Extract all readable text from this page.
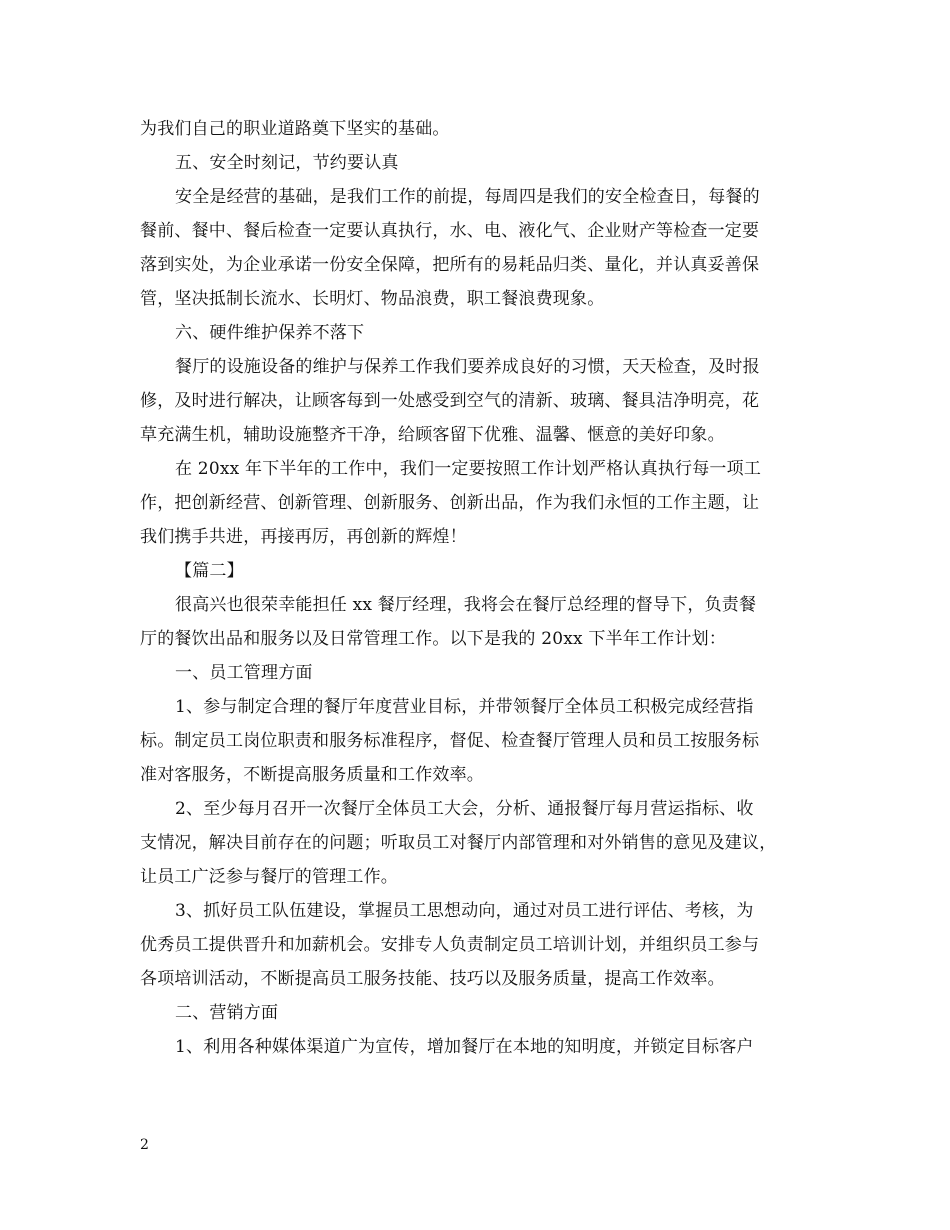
为我们自己的职业道路奠下坚实的基础。
五、安全时刻记，节约要认真
安全是经营的基础，是我们工作的前提，每周四是我们的安全检查日，每餐的
餐前、餐中、餐后检查一定要认真执行，水、电、液化气、企业财产等检查一定要
落到实处，为企业承诺一份安全保障，把所有的易耗品归类、量化，并认真妥善保
管，坚决抵制长流水、长明灯、物品浪费，职工餐浪费现象。
六、硬件维护保养不落下
餐厅的设施设备的维护与保养工作我们要养成良好的习惯，天天检查，及时报
修，及时进行解决，让顾客每到一处感受到空气的清新、玻璃、餐具洁净明亮，花
草充满生机，辅助设施整齐干净，给顾客留下优雅、温馨、惬意的美好印象。
在 20xx 年下半年的工作中，我们一定要按照工作计划严格认真执行每一项工
作，把创新经营、创新管理、创新服务、创新出品，作为我们永恒的工作主题，让
我们携手共进，再接再厉，再创新的辉煌！
【篇二】
很高兴也很荣幸能担任 xx 餐厅经理，我将会在餐厅总经理的督导下，负责餐
厅的餐饮出品和服务以及日常管理工作。以下是我的 20xx 下半年工作计划：
一、员工管理方面
1、参与制定合理的餐厅年度营业目标，并带领餐厅全体员工积极完成经营指
标。制定员工岗位职责和服务标准程序，督促、检查餐厅管理人员和员工按服务标
准对客服务，不断提高服务质量和工作效率。
2、至少每月召开一次餐厅全体员工大会，分析、通报餐厅每月营运指标、收
支情况，解决目前存在的问题；听取员工对餐厅内部管理和对外销售的意见及建议，
让员工广泛参与餐厅的管理工作。
3、抓好员工队伍建设，掌握员工思想动向，通过对员工进行评估、考核，为
优秀员工提供晋升和加薪机会。安排专人负责制定员工培训计划，并组织员工参与
各项培训活动，不断提高员工服务技能、技巧以及服务质量，提高工作效率。
二、营销方面
1、利用各种媒体渠道广为宣传，增加餐厅在本地的知明度，并锁定目标客户
2
